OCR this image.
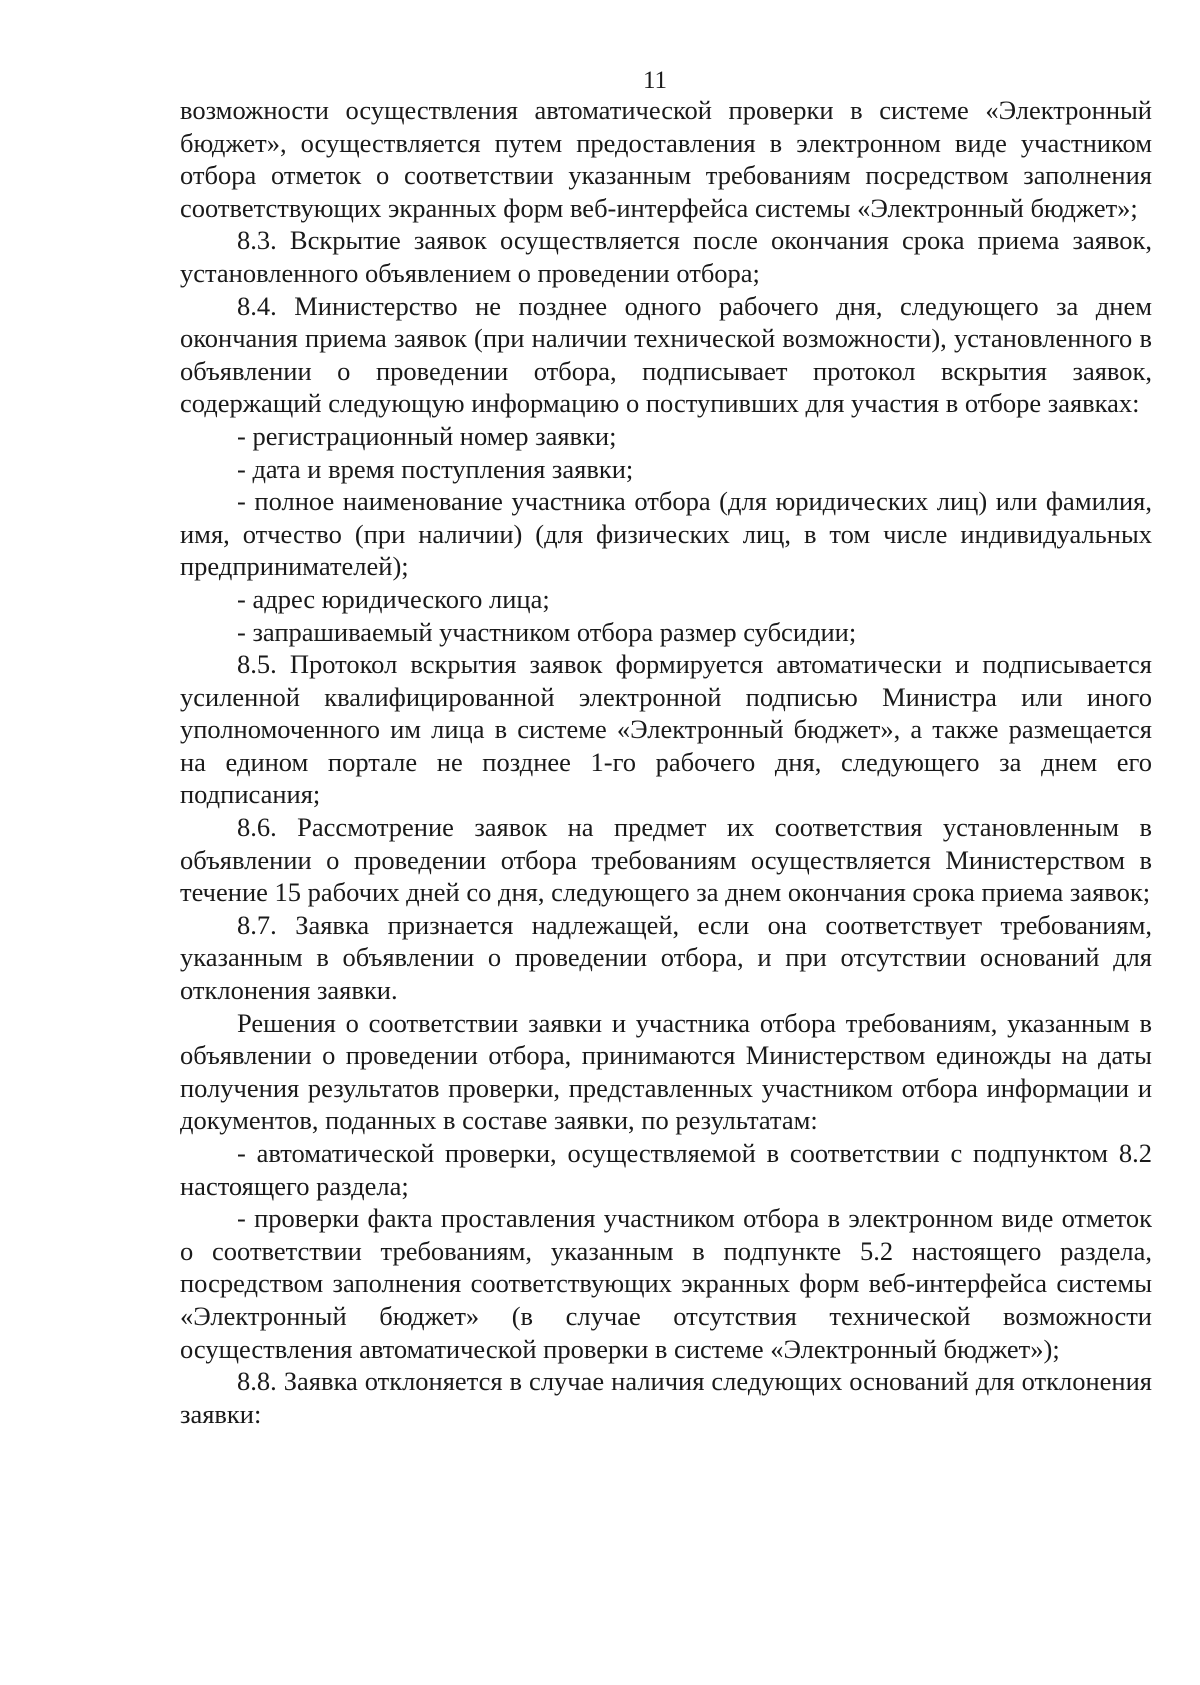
11

возможности осуществления автоматической проверки в системе «Электронный бюджет», осуществляется путем предоставления в электронном виде участником отбора отметок о соответствии указанным требованиям посредством заполнения соответствующих экранных форм веб-интерфейса системы «Электронный бюджет»;

8.3. Вскрытие заявок осуществляется после окончания срока приема заявок, установленного объявлением о проведении отбора;

8.4. Министерство не позднее одного рабочего дня, следующего за днем окончания приема заявок (при наличии технической возможности), установленного в объявлении о проведении отбора, подписывает протокол вскрытия заявок, содержащий следующую информацию о поступивших для участия в отборе заявках:

- регистрационный номер заявки;

- дата и время поступления заявки;

- полное наименование участника отбора (для юридических лиц) или фамилия, имя, отчество (при наличии) (для физических лиц, в том числе индивидуальных предпринимателей);

- адрес юридического лица;

- запрашиваемый участником отбора размер субсидии;

8.5. Протокол вскрытия заявок формируется автоматически и подписывается усиленной квалифицированной электронной подписью Министра или иного уполномоченного им лица в системе «Электронный бюджет», а также размещается на едином портале не позднее 1-го рабочего дня, следующего за днем его подписания;

8.6. Рассмотрение заявок на предмет их соответствия установленным в объявлении о проведении отбора требованиям осуществляется Министерством в течение 15 рабочих дней со дня, следующего за днем окончания срока приема заявок;

8.7. Заявка признается надлежащей, если она соответствует требованиям, указанным в объявлении о проведении отбора, и при отсутствии оснований для отклонения заявки.

Решения о соответствии заявки и участника отбора требованиям, указанным в объявлении о проведении отбора, принимаются Министерством единожды на даты получения результатов проверки, представленных участником отбора информации и документов, поданных в составе заявки, по результатам:

- автоматической проверки, осуществляемой в соответствии с подпунктом 8.2 настоящего раздела;

- проверки факта проставления участником отбора в электронном виде отметок о соответствии требованиям, указанным в подпункте 5.2 настоящего раздела, посредством заполнения соответствующих экранных форм веб-интерфейса системы «Электронный бюджет» (в случае отсутствия технической возможности осуществления автоматической проверки в системе «Электронный бюджет»);

8.8. Заявка отклоняется в случае наличия следующих оснований для отклонения заявки:
